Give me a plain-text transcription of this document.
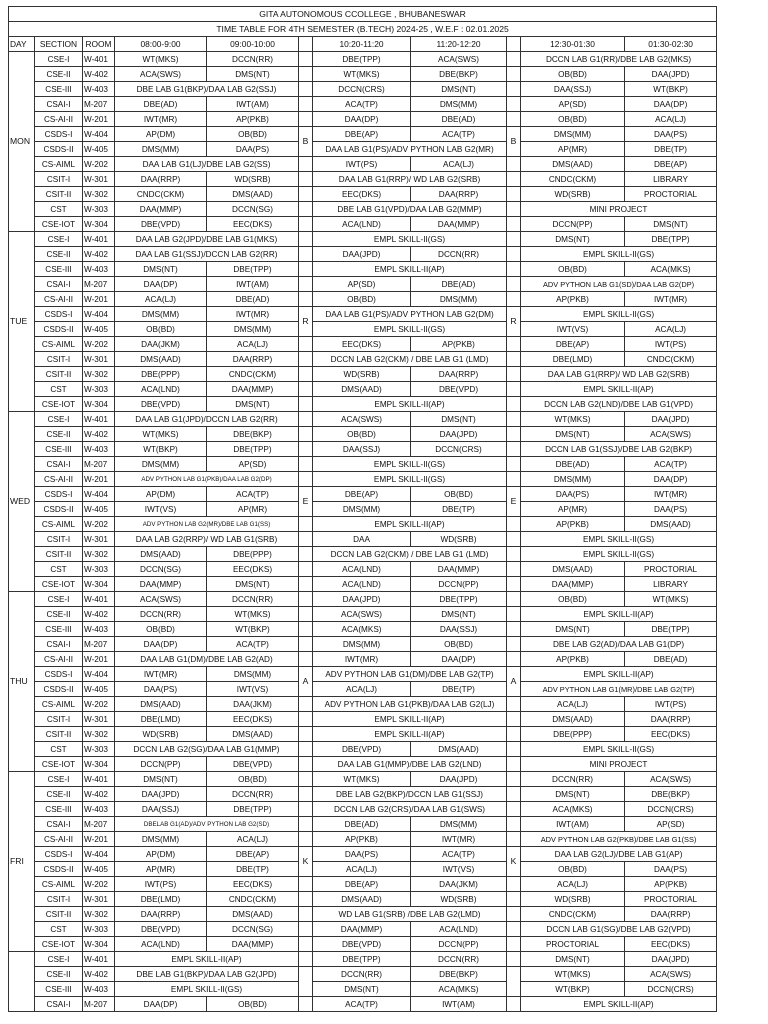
GITA AUTONOMOUS CCOLLEGE , BHUBANESWAR										
TIME TABLE FOR 4TH SEMESTER (B.TECH) 2024-25 , W.E.F : 02.01.2025										
DAY	SECTION	ROOM	08:00-9:00	09:00-10:00		10:20-11:20	11:20-12:20		12:30-01:30	01:30-02:30
MON	CSE-I	W-401	WT(MKS)	DCCN(RR)		DBE(TPP)	ACA(SWS)		DCCN LAB G1(RR)/DBE LAB G2(MKS)	
	CSE-II	W-402	ACA(SWS)	DMS(NT)		WT(MKS)	DBE(BKP)		OB(BD)	DAA(JPD)
	CSE-III	W-403	DBE LAB G1(BKP)/DAA LAB G2(SSJ)			DCCN(CRS)	DMS(NT)		DAA(SSJ)	WT(BKP)
	CSAI-I	M-207	DBE(AD)	IWT(AM)		ACA(TP)	DMS(MM)		AP(SD)	DAA(DP)
	CS-AI-II	W-201	IWT(MR)	AP(PKB)		DAA(DP)	DBE(AD)		OB(BD)	ACA(LJ)
	CSDS-I	W-404	AP(DM)	OB(BD)	B	DBE(AP)	ACA(TP)	B	DMS(MM)	DAA(PS)
	CSDS-II	W-405	DMS(MM)	DAA(PS)		DAA LAB G1(PS)/ADV PYTHON LAB G2(MR)			AP(MR)	DBE(TP)
	CS-AIML	W-202	DAA LAB G1(LJ)/DBE LAB G2(SS)			IWT(PS)	ACA(LJ)		DMS(AAD)	DBE(AP)
	CSIT-I	W-301	DAA(RRP)	WD(SRB)		DAA LAB G1(RRP)/ WD LAB G2(SRB)			CNDC(CKM)	LIBRARY
	CSIT-II	W-302	CNDC(CKM)	DMS(AAD)		EEC(DKS)	DAA(RRP)		WD(SRB)	PROCTORIAL
	CST	W-303	DAA(MMP)	DCCN(SG)		DBE LAB G1(VPD)/DAA LAB G2(MMP)			MINI PROJECT	
	CSE-IOT	W-304	DBE(VPD)	EEC(DKS)		ACA(LND)	DAA(MMP)		DCCN(PP)	DMS(NT)
TUE	CSE-I	W-401	DAA LAB G2(JPD)/DBE LAB G1(MKS)			EMPL SKILL-II(GS)			DMS(NT)	DBE(TPP)
	CSE-II	W-402	DAA LAB G1(SSJ)/DCCN LAB G2(RR)			DAA(JPD)	DCCN(RR)		EMPL SKILL-II(GS)	
	CSE-III	W-403	DMS(NT)	DBE(TPP)		EMPL SKILL-II(AP)			OB(BD)	ACA(MKS)
	CSAI-I	M-207	DAA(DP)	IWT(AM)		AP(SD)	DBE(AD)		ADV PYTHON LAB G1(SD)/DAA LAB G2(DP)	
	CS-AI-II	W-201	ACA(LJ)	DBE(AD)		OB(BD)	DMS(MM)		AP(PKB)	IWT(MR)
	CSDS-I	W-404	DMS(MM)	IWT(MR)	R	DAA LAB G1(PS)/ADV PYTHON LAB G2(DM)		R	EMPL SKILL-II(GS)	
	CSDS-II	W-405	OB(BD)	DMS(MM)		EMPL SKILL-II(GS)			IWT(VS)	ACA(LJ)
	CS-AIML	W-202	DAA(JKM)	ACA(LJ)		EEC(DKS)	AP(PKB)		DBE(AP)	IWT(PS)
	CSIT-I	W-301	DMS(AAD)	DAA(RRP)		DCCN LAB G2(CKM) / DBE LAB G1 (LMD)			DBE(LMD)	CNDC(CKM)
	CSIT-II	W-302	DBE(PPP)	CNDC(CKM)		WD(SRB)	DAA(RRP)		DAA LAB G1(RRP)/ WD LAB G2(SRB)	
	CST	W-303	ACA(LND)	DAA(MMP)		DMS(AAD)	DBE(VPD)		EMPL SKILL-II(AP)	
	CSE-IOT	W-304	DBE(VPD)	DMS(NT)		EMPL SKILL-II(AP)			DCCN LAB G2(LND)/DBE LAB G1(VPD)	
WED	CSE-I	W-401	DAA LAB G1(JPD)/DCCN LAB G2(RR)			ACA(SWS)	DMS(NT)		WT(MKS)	DAA(JPD)
	CSE-II	W-402	WT(MKS)	DBE(BKP)		OB(BD)	DAA(JPD)		DMS(NT)	ACA(SWS)
	CSE-III	W-403	WT(BKP)	DBE(TPP)		DAA(SSJ)	DCCN(CRS)		DCCN LAB G1(SSJ)/DBE LAB G2(BKP)	
	CSAI-I	M-207	DMS(MM)	AP(SD)		EMPL SKILL-II(GS)			DBE(AD)	ACA(TP)
	CS-AI-II	W-201	ADV PYTHON LAB G1(PKB)/DAA LAB G2(DP)			EMPL SKILL-II(GS)			DMS(MM)	DAA(DP)
	CSDS-I	W-404	AP(DM)	ACA(TP)	E	DBE(AP)	OB(BD)	E	DAA(PS)	IWT(MR)
	CSDS-II	W-405	IWT(VS)	AP(MR)		DMS(MM)	DBE(TP)		AP(MR)	DAA(PS)
	CS-AIML	W-202	ADV PYTHON LAB G2(MR)/DBE LAB G1(SS)			EMPL SKILL-II(AP)			AP(PKB)	DMS(AAD)
	CSIT-I	W-301	DAA LAB G2(RRP)/ WD LAB G1(SRB)			DAA	WD(SRB)		EMPL SKILL-II(GS)	
	CSIT-II	W-302	DMS(AAD)	DBE(PPP)		DCCN LAB G2(CKM) / DBE LAB G1 (LMD)			EMPL SKILL-II(GS)	
	CST	W-303	DCCN(SG)	EEC(DKS)		ACA(LND)	DAA(MMP)		DMS(AAD)	PROCTORIAL
	CSE-IOT	W-304	DAA(MMP)	DMS(NT)		ACA(LND)	DCCN(PP)		DAA(MMP)	LIBRARY
THU	CSE-I	W-401	ACA(SWS)	DCCN(RR)		DAA(JPD)	DBE(TPP)		OB(BD)	WT(MKS)
	CSE-II	W-402	DCCN(RR)	WT(MKS)		ACA(SWS)	DMS(NT)		EMPL SKILL-II(AP)	
	CSE-III	W-403	OB(BD)	WT(BKP)		ACA(MKS)	DAA(SSJ)		DMS(NT)	DBE(TPP)
	CSAI-I	M-207	DAA(DP)	ACA(TP)		DMS(MM)	OB(BD)		DBE LAB G2(AD)/DAA LAB G1(DP)	
	CS-AI-II	W-201	DAA LAB G1(DM)/DBE LAB G2(AD)			IWT(MR)	DAA(DP)		AP(PKB)	DBE(AD)
	CSDS-I	W-404	IWT(MR)	DMS(MM)	A	ADV PYTHON LAB G1(DM)/DBE LAB G2(TP)		A	EMPL SKILL-II(AP)	
	CSDS-II	W-405	DAA(PS)	IWT(VS)		ACA(LJ)	DBE(TP)		ADV PYTHON LAB G1(MR)/DBE LAB G2(TP)	
	CS-AIML	W-202	DMS(AAD)	DAA(JKM)		ADV PYTHON LAB G1(PKB)/DAA LAB G2(LJ)			ACA(LJ)	IWT(PS)
	CSIT-I	W-301	DBE(LMD)	EEC(DKS)		EMPL SKILL-II(AP)			DMS(AAD)	DAA(RRP)
	CSIT-II	W-302	WD(SRB)	DMS(AAD)		EMPL SKILL-II(AP)			DBE(PPP)	EEC(DKS)
	CST	W-303	DCCN LAB G2(SG)/DAA LAB G1(MMP)			DBE(VPD)	DMS(AAD)		EMPL SKILL-II(GS)	
	CSE-IOT	W-304	DCCN(PP)	DBE(VPD)		DAA LAB G1(MMP)/DBE LAB G2(LND)			MINI PROJECT	
FRI	CSE-I	W-401	DMS(NT)	OB(BD)		WT(MKS)	DAA(JPD)		DCCN(RR)	ACA(SWS)
	CSE-II	W-402	DAA(JPD)	DCCN(RR)		DBE LAB G2(BKP)/DCCN LAB G1(SSJ)			DMS(NT)	DBE(BKP)
	CSE-III	W-403	DAA(SSJ)	DBE(TPP)		DCCN LAB G2(CRS)/DAA LAB G1(SWS)			ACA(MKS)	DCCN(CRS)
	CSAI-I	M-207	DBELAB G1(AD)/ADV PYTHON LAB G2(SD)			DBE(AD)	DMS(MM)		IWT(AM)	AP(SD)
	CS-AI-II	W-201	DMS(MM)	ACA(LJ)		AP(PKB)	IWT(MR)		ADV PYTHON LAB G2(PKB)/DBE LAB G1(SS)	
	CSDS-I	W-404	AP(DM)	DBE(AP)	K	DAA(PS)	ACA(TP)	K	DAA LAB G2(LJ)/DBE LAB G1(AP)	
	CSDS-II	W-405	AP(MR)	DBE(TP)		ACA(LJ)	IWT(VS)		OB(BD)	DAA(PS)
	CS-AIML	W-202	IWT(PS)	EEC(DKS)		DBE(AP)	DAA(JKM)		ACA(LJ)	AP(PKB)
	CSIT-I	W-301	DBE(LMD)	CNDC(CKM)		DMS(AAD)	WD(SRB)		WD(SRB)	PROCTORIAL
	CSIT-II	W-302	DAA(RRP)	DMS(AAD)		WD LAB G1(SRB) /DBE LAB G2(LMD)			CNDC(CKM)	DAA(RRP)
	CST	W-303	DBE(VPD)	DCCN(SG)		DAA(MMP)	ACA(LND)		DCCN LAB G1(SG)/DBE LAB G2(VPD)	
	CSE-IOT	W-304	ACA(LND)	DAA(MMP)		DBE(VPD)	DCCN(PP)		PROCTORIAL	EEC(DKS)
	CSE-I	W-401	EMPL SKILL-II(AP)			DBE(TPP)	DCCN(RR)		DMS(NT)	DAA(JPD)
	CSE-II	W-402	DBE LAB G1(BKP)/DAA LAB G2(JPD)			DCCN(RR)	DBE(BKP)		WT(MKS)	ACA(SWS)
	CSE-III	W-403	EMPL SKILL-II(GS)			DMS(NT)	ACA(MKS)		WT(BKP)	DCCN(CRS)
	CSAI-I	M-207	DAA(DP)	OB(BD)		ACA(TP)	IWT(AM)		EMPL SKILL-II(AP)	
